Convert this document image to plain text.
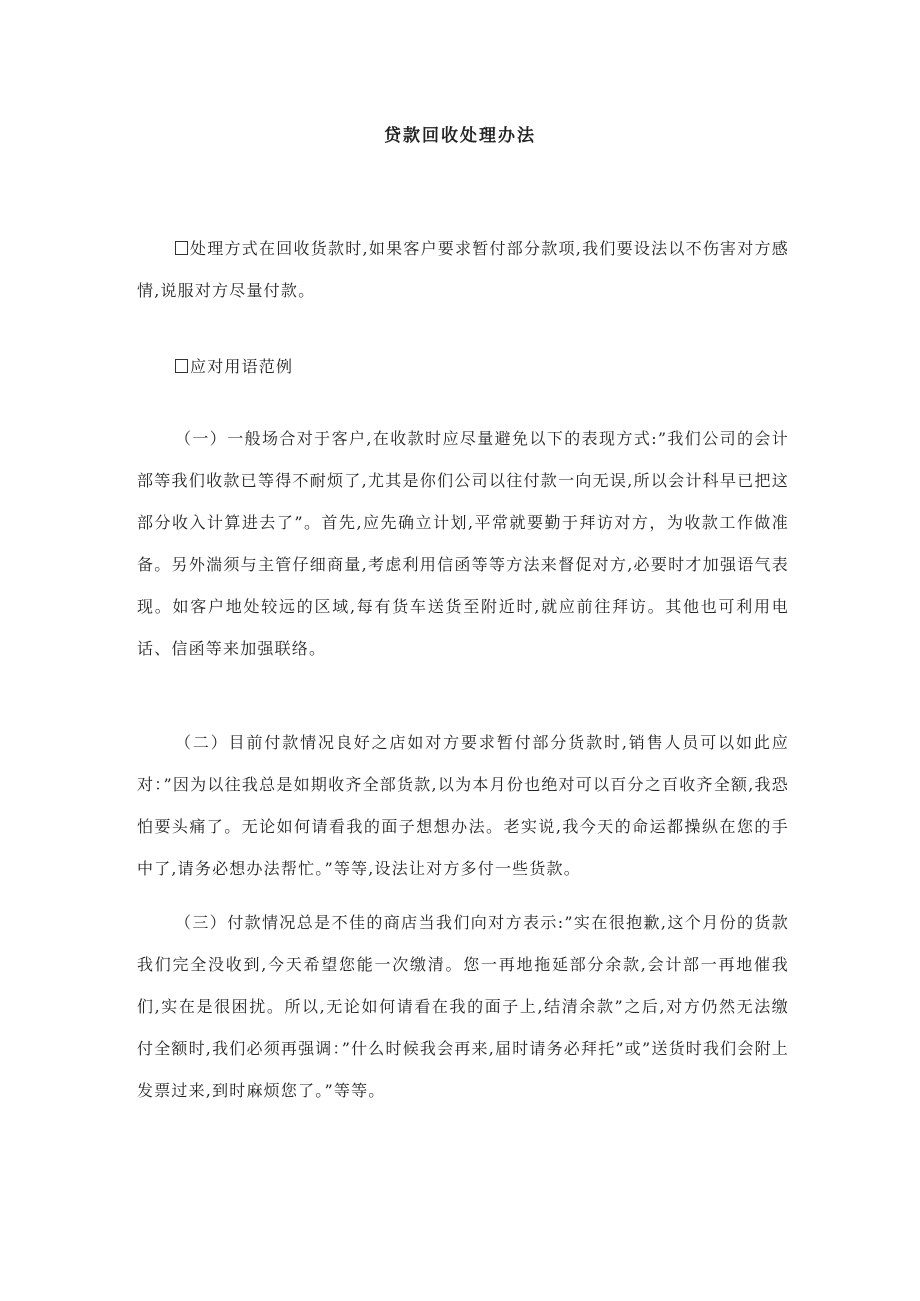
贷款回收处理办法

处理方式在回收货款时,如果客户要求暂付部分款项,我们要设法以不伤害对方感情,说服对方尽量付款。

应对用语范例

（一）一般场合对于客户,在收款时应尽量避免以下的表现方式:”我们公司的会计部等我们收款已等得不耐烦了,尤其是你们公司以往付款一向无误,所以会计科早已把这部分收入计算进去了”。首先,应先确立计划,平常就要勤于拜访对方，为收款工作做准备。另外湍须与主管仔细商量,考虑利用信函等等方法来督促对方,必要时才加强语气表现。如客户地处较远的区域,每有货车送货至附近时,就应前往拜访。其他也可利用电话、信函等来加强联络。

（二）目前付款情况良好之店如对方要求暂付部分货款时,销售人员可以如此应对：”因为以往我总是如期收齐全部货款,以为本月份也绝对可以百分之百收齐全额,我恐怕要头痛了。无论如何请看我的面子想想办法。老实说,我今天的命运都操纵在您的手中了,请务必想办法帮忙。”等等,设法让对方多付一些货款。

（三）付款情况总是不佳的商店当我们向对方表示:”实在很抱歉,这个月份的货款我们完全没收到,今天希望您能一次缴清。您一再地拖延部分余款,会计部一再地催我们,实在是很困扰。所以,无论如何请看在我的面子上,结清余款”之后,对方仍然无法缴付全额时,我们必须再强调：”什么时候我会再来,届时请务必拜托”或”送货时我们会附上发票过来,到时麻烦您了。”等等。
